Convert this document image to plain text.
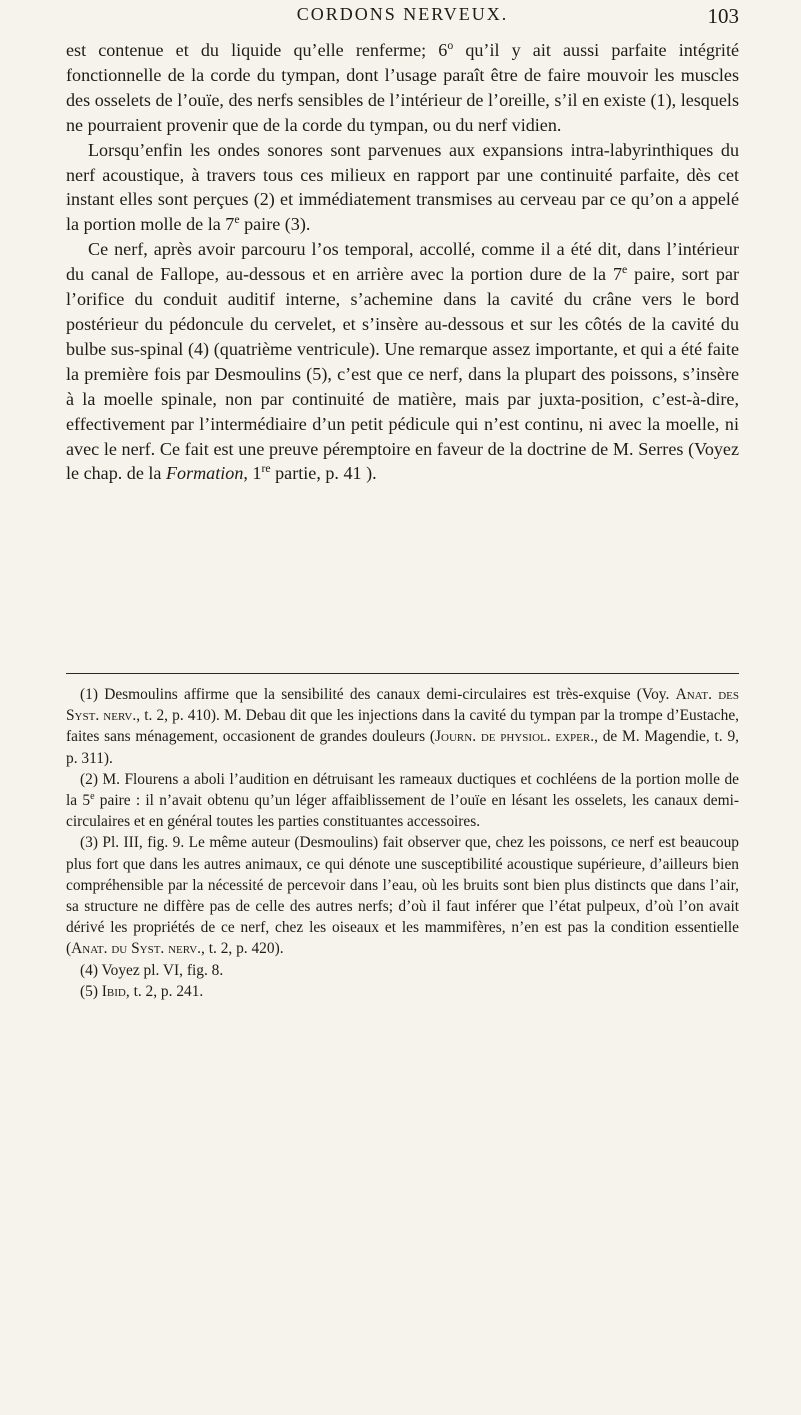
CORDONS NERVEUX.	103

est contenue et du liquide qu’elle renferme; 6$^o$ qu’il y ait aussi parfaite intégrité fonctionnelle de la corde du tympan, dont l’usage paraît être de faire mouvoir les muscles des osselets de l’ouïe, des nerfs sensibles de l’intérieur de l’oreille, s’il en existe (1), lesquels ne pourraient provenir que de la corde du tympan, ou du nerf vidien.

Lorsqu’enfin les ondes sonores sont parvenues aux expansions intra-labyrinthiques du nerf acoustique, à travers tous ces milieux en rapport par une continuité parfaite, dès cet instant elles sont perçues (2) et immédiatement transmises au cerveau par ce qu’on a appelé la portion molle de la 7e paire (3).

Ce nerf, après avoir parcouru l’os temporal, accollé, comme il a été dit, dans l’intérieur du canal de Fallope, au-dessous et en arrière avec la portion dure de la 7e paire, sort par l’orifice du conduit auditif interne, s’achemine dans la cavité du crâne vers le bord postérieur du pédoncule du cervelet, et s’insère au-dessous et sur les côtés de la cavité du bulbe sus-spinal (4) (quatrième ventricule). Une remarque assez importante, et qui a été faite la première fois par Desmoulins (5), c’est que ce nerf, dans la plupart des poissons, s’insère à la moelle spinale, non par continuité de matière, mais par juxta-position, c’est-à-dire, effectivement par l’intermédiaire d’un petit pédicule qui n’est continu, ni avec la moelle, ni avec le nerf. Ce fait est une preuve péremptoire en faveur de la doctrine de M. Serres (Voyez le chap. de la Formation, 1re partie, p. 41 ).

(1) Desmoulins affirme que la sensibilité des canaux demi-circulaires est très-exquise (Voy. Anat. des Syst. nerv., t. 2, p. 410). M. Debau dit que les injections dans la cavité du tympan par la trompe d’Eustache, faites sans ménagement, occasionent de grandes douleurs (Journ. de physiol. exper., de M. Magendie, t. 9, p. 311).

(2) M. Flourens a aboli l’audition en détruisant les rameaux ductiques et cochléens de la portion molle de la 5e paire : il n’avait obtenu qu’un léger affaiblissement de l’ouïe en lésant les osselets, les canaux demi-circulaires et en général toutes les parties constituantes accessoires.

(3) Pl. III, fig. 9. Le même auteur (Desmoulins) fait observer que, chez les poissons, ce nerf est beaucoup plus fort que dans les autres animaux, ce qui dénote une susceptibilité acoustique supérieure, d’ailleurs bien compréhensible par la nécessité de percevoir dans l’eau, où les bruits sont bien plus distincts que dans l’air, sa structure ne diffère pas de celle des autres nerfs; d’où il faut inférer que l’état pulpeux, d’où l’on avait dérivé les propriétés de ce nerf, chez les oiseaux et les mammifères, n’en est pas la condition essentielle (Anat. du Syst. nerv., t. 2, p. 420).

(4) Voyez pl. VI, fig. 8.

(5) Ibid, t. 2, p. 241.
